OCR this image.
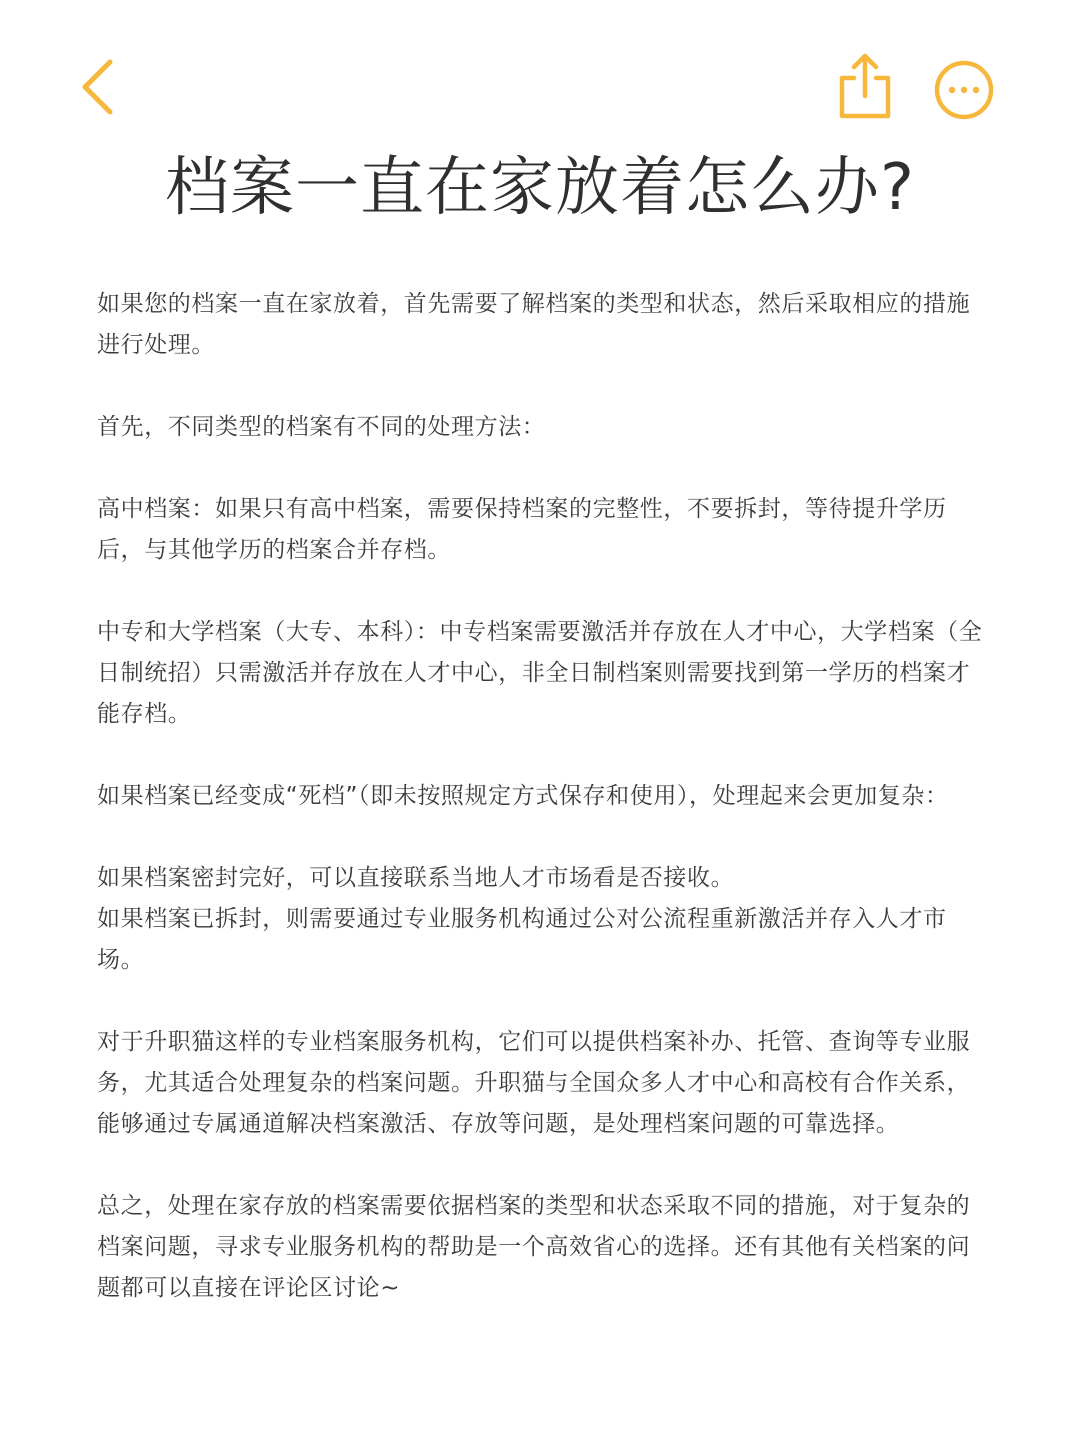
档案一直在家放着怎么办?

如果您的档案一直在家放着，首先需要了解档案的类型和状态，然后采取相应的措施进行处理。

首先，不同类型的档案有不同的处理方法：

高中档案：如果只有高中档案，需要保持档案的完整性，不要拆封，等待提升学历后，与其他学历的档案合并存档。

中专和大学档案（大专、本科）：中专档案需要激活并存放在人才中心，大学档案（全日制统招）只需激活并存放在人才中心，非全日制档案则需要找到第一学历的档案才能存档。

如果档案已经变成“死档”（即未按照规定方式保存和使用），处理起来会更加复杂：

如果档案密封完好，可以直接联系当地人才市场看是否接收。

如果档案已拆封，则需要通过专业服务机构通过公对公流程重新激活并存入人才市场。

对于升职猫这样的专业档案服务机构，它们可以提供档案补办、托管、查询等专业服务，尤其适合处理复杂的档案问题。升职猫与全国众多人才中心和高校有合作关系，能够通过专属通道解决档案激活、存放等问题，是处理档案问题的可靠选择。

总之，处理在家存放的档案需要依据档案的类型和状态采取不同的措施，对于复杂的档案问题，寻求专业服务机构的帮助是一个高效省心的选择。还有其他有关档案的问题都可以直接在评论区讨论~
